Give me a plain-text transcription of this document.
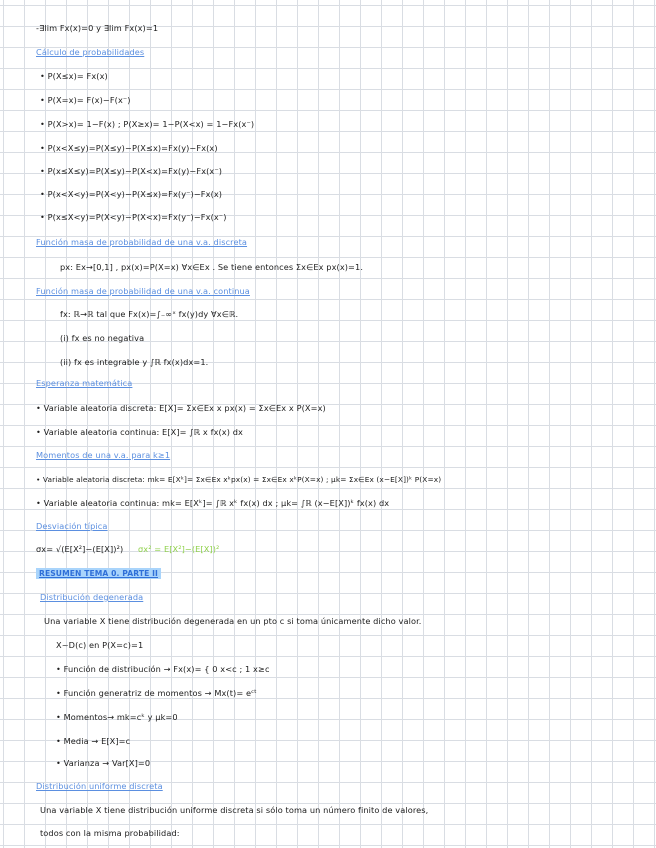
-∃lim Fx(x)=0 y ∃lim Fx(x)=1
Cálculo de probabilidades
• P(X≤x)= Fx(x)
• P(X=x)= F(x)−F(x⁻)
• P(X>x)= 1−F(x) ; P(X≥x)= 1−P(X<x) = 1−Fx(x⁻)
• P(x<X≤y)=P(X≤y)−P(X≤x)=Fx(y)−Fx(x)
• P(x≤X≤y)=P(X≤y)−P(X<x)=Fx(y)−Fx(x⁻)
• P(x<X<y)=P(X<y)−P(X≤x)=Fx(y⁻)−Fx(x)
• P(x≤X<y)=P(X<y)−P(X<x)=Fx(y⁻)−Fx(x⁻)
Función masa de probabilidad de una v.a. discreta
px: Ex→[0,1] , px(x)=P(X=x) ∀x∈Ex . Se tiene entonces Σx∈Ex px(x)=1.
Función masa de probabilidad de una v.a. continua
fx: ℝ→ℝ tal que Fx(x)=∫₋∞ˣ fx(y)dy ∀x∈ℝ.
(i) fx es no negativa
(ii) fx es integrable y ∫ℝ fx(x)dx=1.
Esperanza matemática
• Variable aleatoria discreta: E[X]= Σx∈Ex x px(x) = Σx∈Ex x P(X=x)
• Variable aleatoria continua: E[X]= ∫ℝ x fx(x) dx
Momentos de una v.a. para k≥1
• Variable aleatoria discreta: mk= E[Xᵏ]= Σx∈Ex xᵏpx(x) = Σx∈Ex xᵏP(X=x) ; μk= Σx∈Ex (x−E[X])ᵏ P(X=x)
• Variable aleatoria continua: mk= E[Xᵏ]= ∫ℝ xᵏ fx(x) dx ; μk= ∫ℝ (x−E[X])ᵏ fx(x) dx
Desviación típica
σx= √(E[X²]−(E[X])²) σx² = E[X²]−(E[X])²
RESUMEN TEMA 0. PARTE II
Distribución degenerada
Una variable X tiene distribución degenerada en un pto c si toma únicamente dicho valor.
X~D(c) en P(X=c)=1
• Función de distribución → Fx(x)= { 0 x<c ; 1 x≥c
• Función generatriz de momentos → Mx(t)= eᶜᵗ
• Momentos→ mk=cᵏ y μk=0
• Media → E[X]=c
• Varianza → Var[X]=0
Distribución uniforme discreta
Una variable X tiene distribución uniforme discreta si sólo toma un número finito de valores,
todos con la misma probabilidad:
